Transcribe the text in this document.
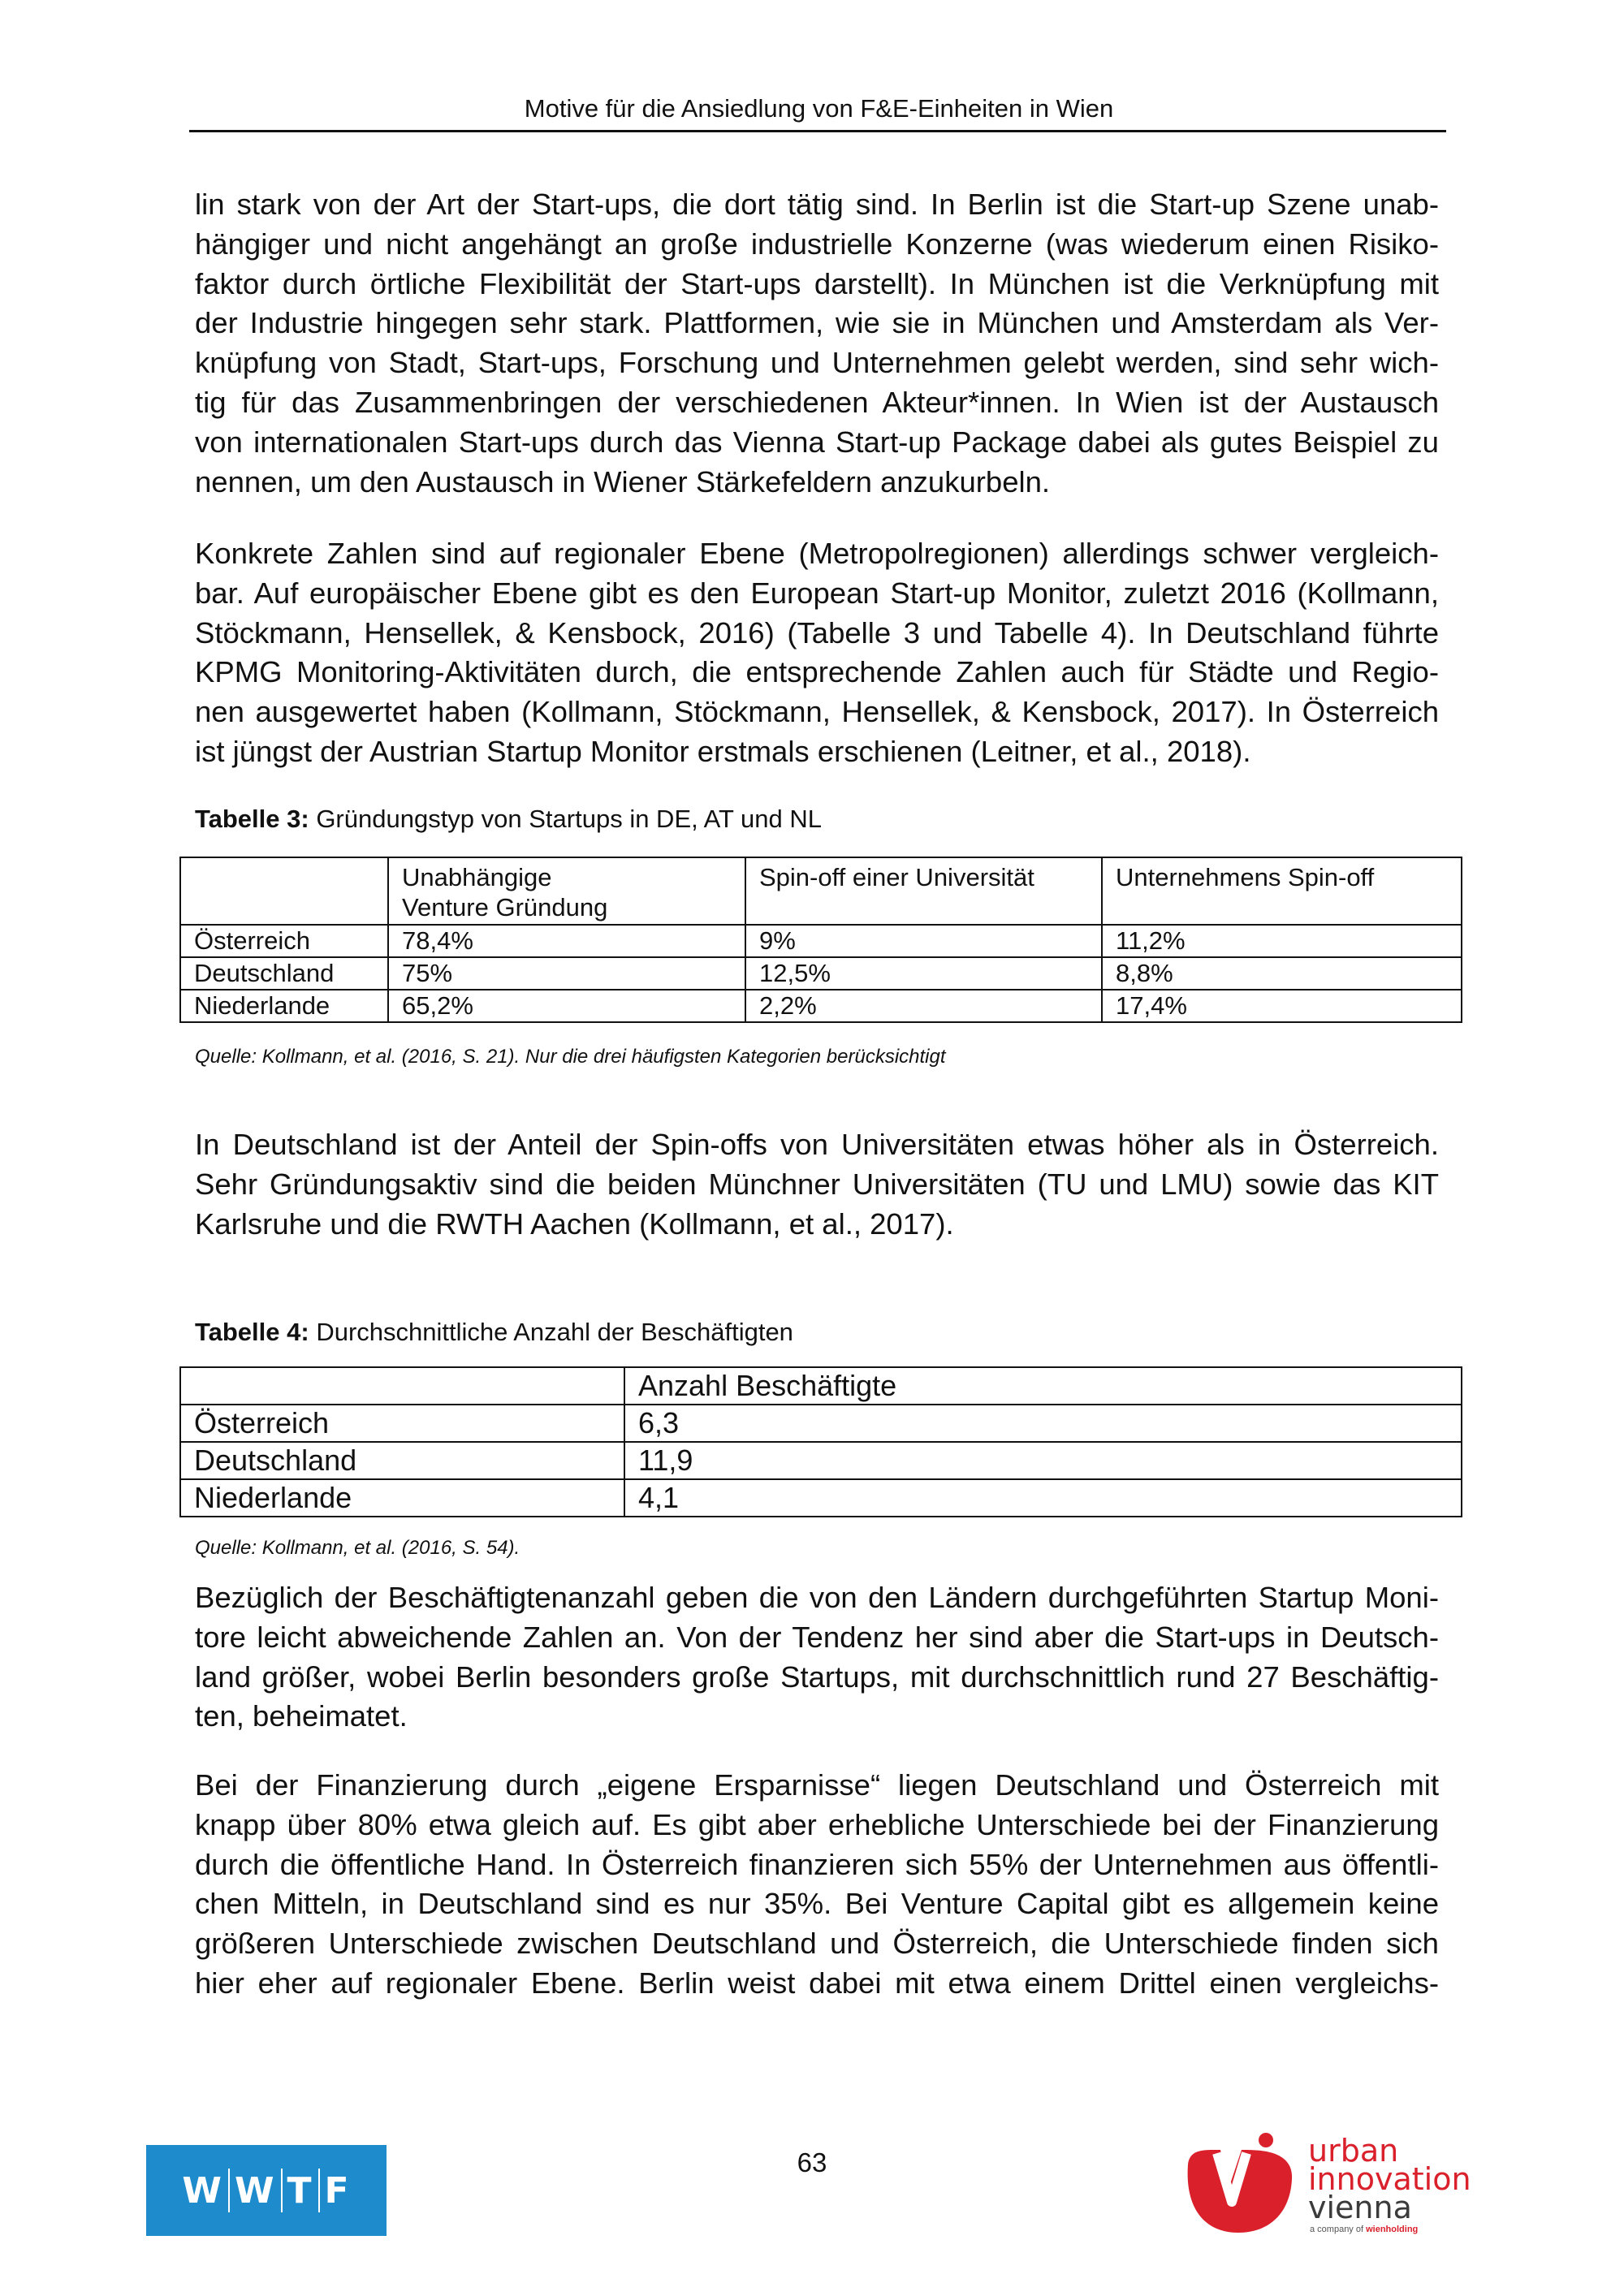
Motive für die Ansiedlung von F&E-Einheiten in Wien
lin stark von der Art der Start-ups, die dort tätig sind. In Berlin ist die Start-up Szene unab-
hängiger und nicht angehängt an große industrielle Konzerne (was wiederum einen Risiko-
faktor durch örtliche Flexibilität der Start-ups darstellt). In München ist die Verknüpfung mit
der Industrie hingegen sehr stark. Plattformen, wie sie in München und Amsterdam als Ver-
knüpfung von Stadt, Start-ups, Forschung und Unternehmen gelebt werden, sind sehr wich-
tig für das Zusammenbringen der verschiedenen Akteur*innen. In Wien ist der Austausch
von internationalen Start-ups durch das Vienna Start-up Package dabei als gutes Beispiel zu
nennen, um den Austausch in Wiener Stärkefeldern anzukurbeln.
Konkrete Zahlen sind auf regionaler Ebene (Metropolregionen) allerdings schwer vergleich-
bar. Auf europäischer Ebene gibt es den European Start-up Monitor, zuletzt 2016 (Kollmann,
Stöckmann, Hensellek, & Kensbock, 2016) (Tabelle 3 und Tabelle 4). In Deutschland führte
KPMG Monitoring-Aktivitäten durch, die entsprechende Zahlen auch für Städte und Regio-
nen ausgewertet haben (Kollmann, Stöckmann, Hensellek, & Kensbock, 2017). In Österreich
ist jüngst der Austrian Startup Monitor erstmals erschienen (Leitner, et al., 2018).
Tabelle 3: Gründungstyp von Startups in DE, AT und NL
	Unabhängige Venture Gründung	Spin-off einer Universität	Unternehmens Spin-off
Österreich	78,4%	9%	11,2%
Deutschland	75%	12,5%	8,8%
Niederlande	65,2%	2,2%	17,4%
Quelle: Kollmann, et al. (2016, S. 21). Nur die drei häufigsten Kategorien berücksichtigt
In Deutschland ist der Anteil der Spin-offs von Universitäten etwas höher als in Österreich.
Sehr Gründungsaktiv sind die beiden Münchner Universitäten (TU und LMU) sowie das KIT
Karlsruhe und die RWTH Aachen (Kollmann, et al., 2017).
Tabelle 4: Durchschnittliche Anzahl der Beschäftigten
	Anzahl Beschäftigte
Österreich	6,3
Deutschland	11,9
Niederlande	4,1
Quelle: Kollmann, et al. (2016, S. 54).
Bezüglich der Beschäftigtenanzahl geben die von den Ländern durchgeführten Startup Moni-
tore leicht abweichende Zahlen an. Von der Tendenz her sind aber die Start-ups in Deutsch-
land größer, wobei Berlin besonders große Startups, mit durchschnittlich rund 27 Beschäftig-
ten, beheimatet.
Bei der Finanzierung durch „eigene Ersparnisse“ liegen Deutschland und Österreich mit
knapp über 80% etwa gleich auf. Es gibt aber erhebliche Unterschiede bei der Finanzierung
durch die öffentliche Hand. In Österreich finanzieren sich 55% der Unternehmen aus öffentli-
chen Mitteln, in Deutschland sind es nur 35%. Bei Venture Capital gibt es allgemein keine
größeren Unterschiede zwischen Deutschland und Österreich, die Unterschiede finden sich
hier eher auf regionaler Ebene. Berlin weist dabei mit etwa einem Drittel einen vergleichs-
63
W W T F
urban
innovation
vienna
a company of wienholding
